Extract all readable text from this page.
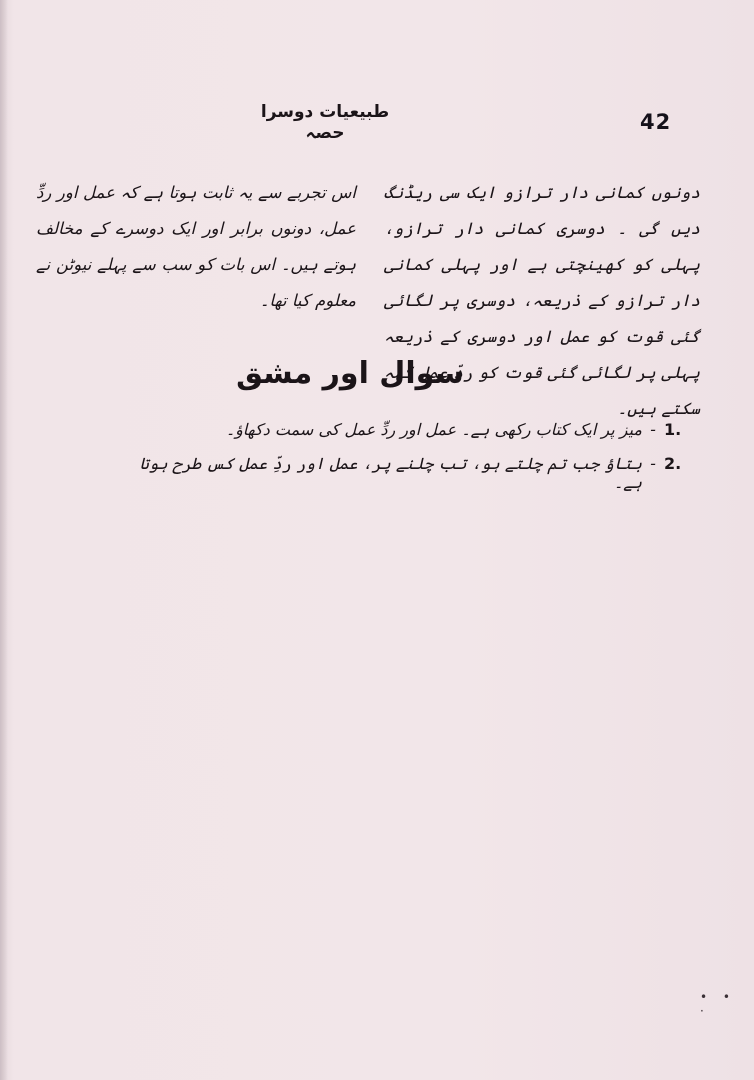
طبیعیات دوسرا حصہ	42

دونوں کمانی دار ترازو ایک سی ریڈنگ دیں گی ۔ دوسری کمانی دار ترازو، پہلی کو کھینچتی ہے اور پہلی کمانی دار ترازو کے ذریعہ، دوسری پر لگائی گئی قوت کو عمل اور دوسری کے ذریعہ پہلی پر لگائی گئی قوت کو ردِّ عمل کہہ سکتے ہیں۔

اس تجربے سے یہ ثابت ہوتا ہے کہ عمل اور ردِّ عمل، دونوں برابر اور ایک دوسرے کے مخالف ہوتے ہیں۔ اس بات کو سب سے پہلے نیوٹن نے معلوم کیا تھا۔

سوال اور مشق
1.
-
میز پر ایک کتاب رکھی ہے۔ عمل اور ردِّ عمل کی سمت دکھاؤ۔
2.
-
بتاؤ جب تم چلتے ہو، تب چلنے پر، عمل اور ردِّ عمل کس طرح ہوتا ہے۔
• • ·
